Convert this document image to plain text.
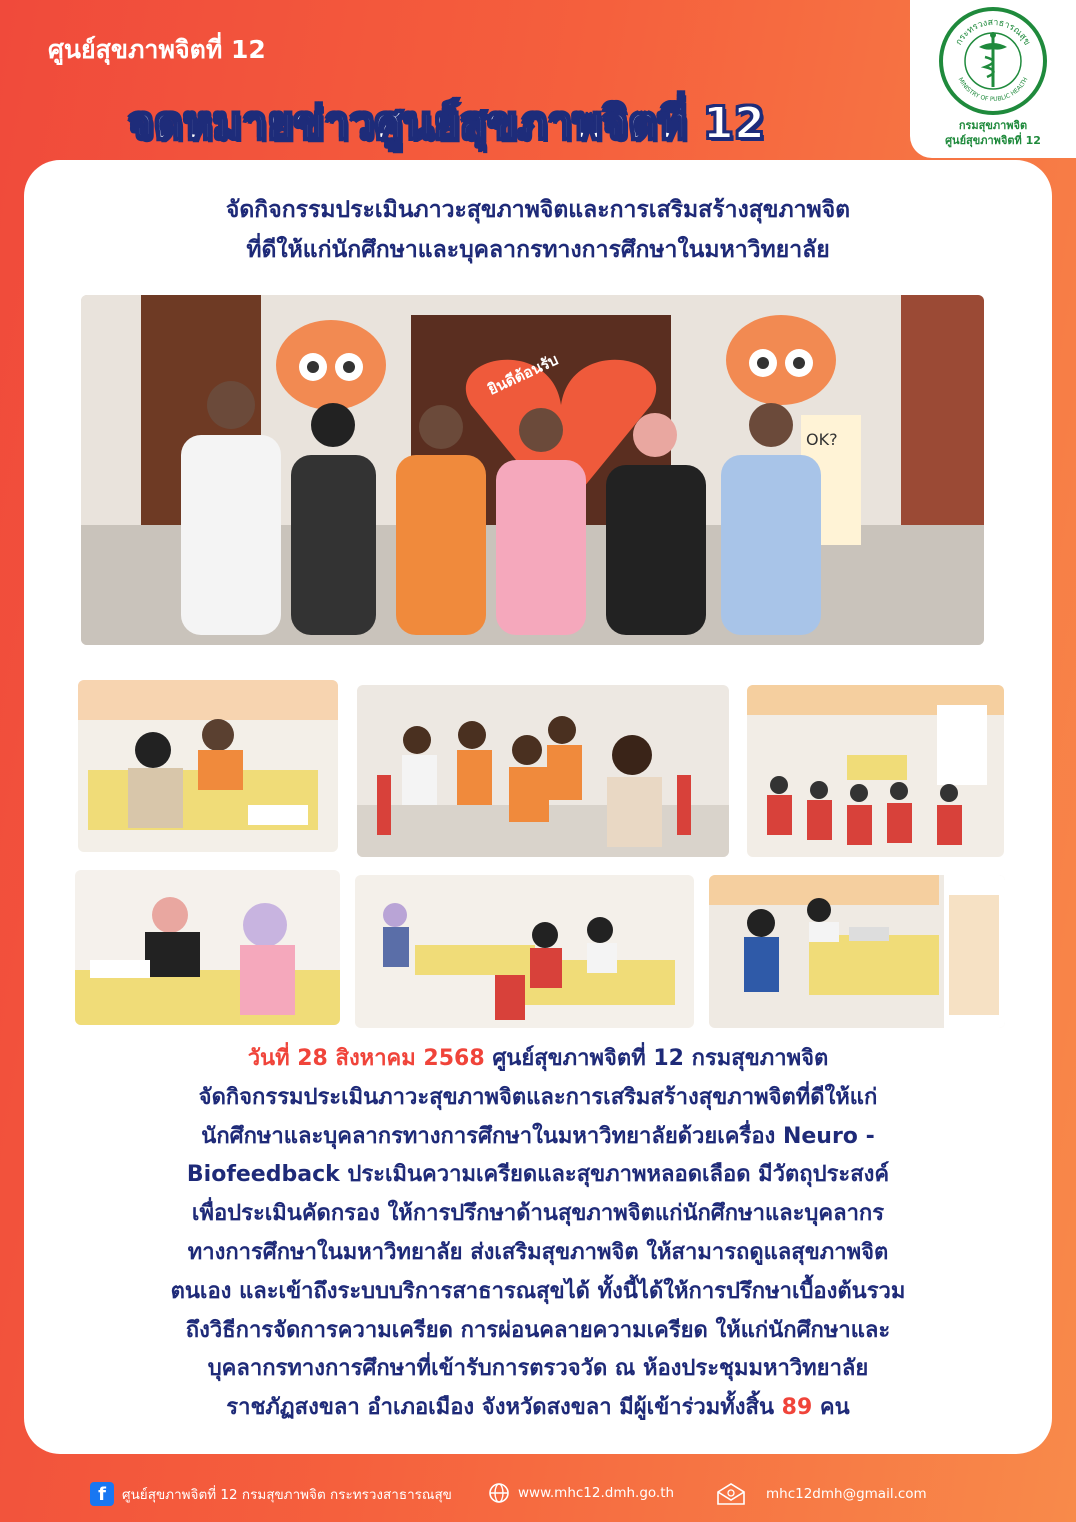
ศูนย์สุขภาพจิตที่ 12
จดหมายข่าวศูนย์สุขภาพจิตที่ 12
กระทรวงสาธารณสุข
MINISTRY OF PUBLIC HEALTH
กรมสุขภาพจิต
ศูนย์สุขภาพจิตที่ 12
จัดกิจกรรมประเมินภาวะสุขภาพจิตและการเสริมสร้างสุขภาพจิต
ที่ดีให้แก่นักศึกษาและบุคลากรทางการศึกษาในมหาวิทยาลัย
ยินดีต้อนรับ
OK?
วันที่ 28 สิงหาคม 2568 ศูนย์สุขภาพจิตที่ 12 กรมสุขภาพจิต
จัดกิจกรรมประเมินภาวะสุขภาพจิตและการเสริมสร้างสุขภาพจิตที่ดีให้แก่
นักศึกษาและบุคลากรทางการศึกษาในมหาวิทยาลัยด้วยเครื่อง Neuro -
Biofeedback ประเมินความเครียดและสุขภาพหลอดเลือด มีวัตถุประสงค์
เพื่อประเมินคัดกรอง ให้การปรึกษาด้านสุขภาพจิตแก่นักศึกษาและบุคลากร
ทางการศึกษาในมหาวิทยาลัย ส่งเสริมสุขภาพจิต ให้สามารถดูแลสุขภาพจิต
ตนเอง และเข้าถึงระบบบริการสาธารณสุขได้ ทั้งนี้ได้ให้การปรึกษาเบื้องต้นรวม
ถึงวิธีการจัดการความเครียด การผ่อนคลายความเครียด ให้แก่นักศึกษาและ
บุคลากรทางการศึกษาที่เข้ารับการตรวจวัด ณ ห้องประชุมมหาวิทยาลัย
ราชภัฏสงขลา อำเภอเมือง จังหวัดสงขลา มีผู้เข้าร่วมทั้งสิ้น 89 คน
f	ศูนย์สุขภาพจิตที่ 12 กรมสุขภาพจิต กระทรวงสาธารณสุข	www.mhc12.dmh.go.th	mhc12dmh@gmail.com
